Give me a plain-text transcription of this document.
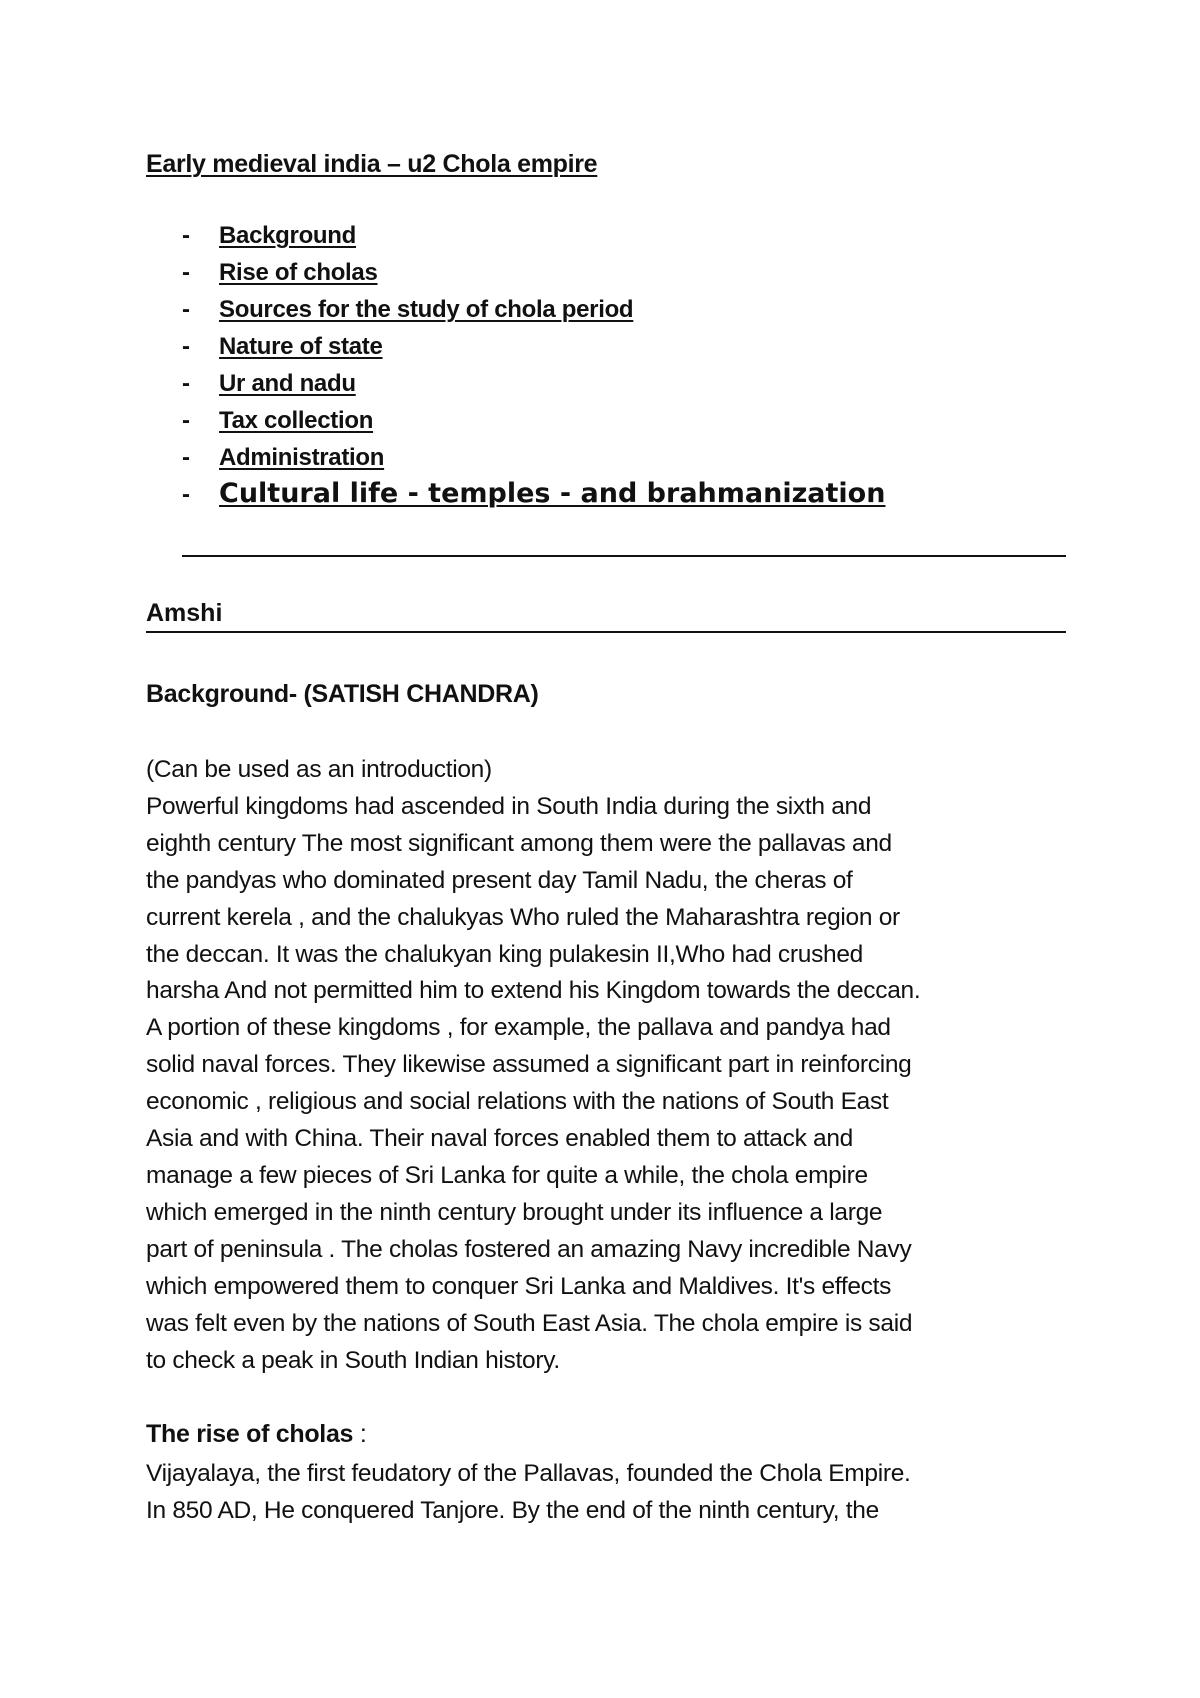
Early medieval india – u2 Chola empire
- Background
- Rise of cholas
- Sources for the study of chola period
- Nature of state
- Ur and nadu
- Tax collection
- Administration
- Cultural life - temples - and brahmanization
Amshi
Background- (SATISH CHANDRA)
(Can be used as an introduction)
Powerful kingdoms had ascended in South India during the sixth and
eighth century The most significant among them were the pallavas and
the pandyas who dominated present day Tamil Nadu, the cheras of
current kerela , and the chalukyas Who ruled the Maharashtra region or
the deccan. It was the chalukyan king pulakesin II,Who had crushed
harsha And not permitted him to extend his Kingdom towards the deccan.
A portion of these kingdoms , for example, the pallava and pandya had
solid naval forces. They likewise assumed a significant part in reinforcing
economic , religious and social relations with the nations of South East
Asia and with China. Their naval forces enabled them to attack and
manage a few pieces of Sri Lanka for quite a while, the chola empire
which emerged in the ninth century brought under its influence a large
part of peninsula . The cholas fostered an amazing Navy incredible Navy
which empowered them to conquer Sri Lanka and Maldives. It's effects
was felt even by the nations of South East Asia. The chola empire is said
to check a peak in South Indian history.
The rise of cholas :
Vijayalaya, the first feudatory of the Pallavas, founded the Chola Empire.
In 850 AD, He conquered Tanjore. By the end of the ninth century, the
